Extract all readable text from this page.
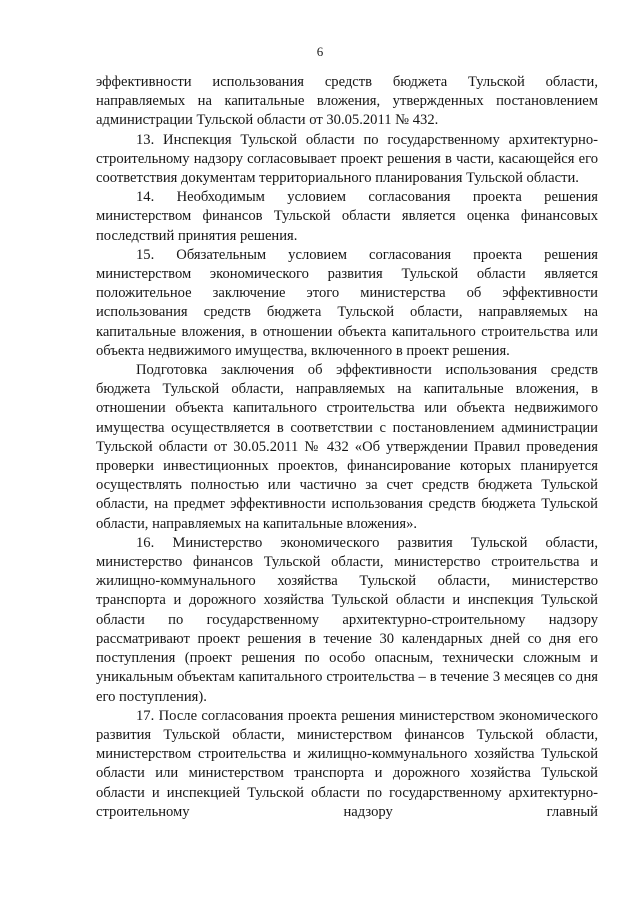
6

эффективности использования средств бюджета Тульской области, направляемых на капитальные вложения, утвержденных постановлением администрации Тульской области от 30.05.2011 № 432.

13. Инспекция Тульской области по государственному архитектурно-строительному надзору согласовывает проект решения в части, касающейся его соответствия документам территориального планирования Тульской области.

14. Необходимым условием согласования проекта решения министерством финансов Тульской области является оценка финансовых последствий принятия решения.

15. Обязательным условием согласования проекта решения министерством экономического развития Тульской области является положительное заключение этого министерства об эффективности использования средств бюджета Тульской области, направляемых на капитальные вложения, в отношении объекта капитального строительства или объекта недвижимого имущества, включенного в проект решения.

Подготовка заключения об эффективности использования средств бюджета Тульской области, направляемых на капитальные вложения, в отношении объекта капитального строительства или объекта недвижимого имущества осуществляется в соответствии с постановлением администрации Тульской области от 30.05.2011 № 432 «Об утверждении Правил проведения проверки инвестиционных проектов, финансирование которых планируется осуществлять полностью или частично за счет средств бюджета Тульской области, на предмет эффективности использования средств бюджета Тульской области, направляемых на капитальные вложения».

16. Министерство экономического развития Тульской области, министерство финансов Тульской области, министерство строительства и жилищно-коммунального хозяйства Тульской области, министерство транспорта и дорожного хозяйства Тульской области и инспекция Тульской области по государственному архитектурно-строительному надзору рассматривают проект решения в течение 30 календарных дней со дня его поступления (проект решения по особо опасным, технически сложным и уникальным объектам капитального строительства – в течение 3 месяцев со дня его поступления).

17. После согласования проекта решения министерством экономического развития Тульской области, министерством финансов Тульской области, министерством строительства и жилищно-коммунального хозяйства Тульской области или министерством транспорта и дорожного хозяйства Тульской области и инспекцией Тульской области по государственному архитектурно-строительному надзору главный
